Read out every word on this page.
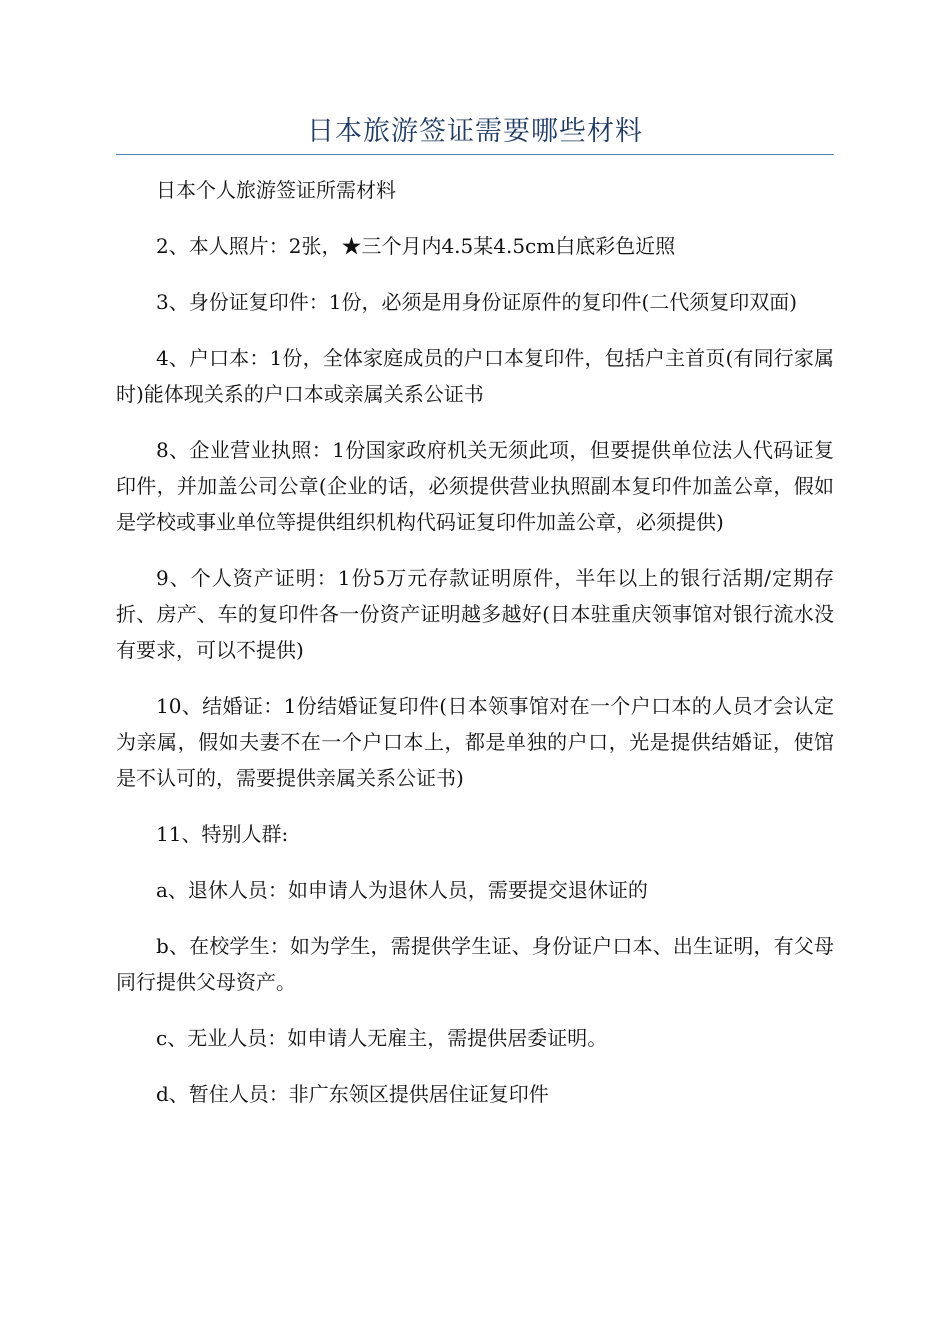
日本旅游签证需要哪些材料

日本个人旅游签证所需材料

2、本人照片：2张，★三个月内4.5某4.5cm白底彩色近照

3、身份证复印件：1份，必须是用身份证原件的复印件(二代须复印双面)

4、户口本：1份，全体家庭成员的户口本复印件，包括户主首页(有同行家属时)能体现关系的户口本或亲属关系公证书

8、企业营业执照：1份国家政府机关无须此项，但要提供单位法人代码证复印件，并加盖公司公章(企业的话，必须提供营业执照副本复印件加盖公章，假如是学校或事业单位等提供组织机构代码证复印件加盖公章，必须提供)

9、个人资产证明：1份5万元存款证明原件，半年以上的银行活期/定期存折、房产、车的复印件各一份资产证明越多越好(日本驻重庆领事馆对银行流水没有要求，可以不提供)

10、结婚证：1份结婚证复印件(日本领事馆对在一个户口本的人员才会认定为亲属，假如夫妻不在一个户口本上，都是单独的户口，光是提供结婚证，使馆是不认可的，需要提供亲属关系公证书)

11、特别人群:

a、退休人员：如申请人为退休人员，需要提交退休证的

b、在校学生：如为学生，需提供学生证、身份证户口本、出生证明，有父母同行提供父母资产。

c、无业人员：如申请人无雇主，需提供居委证明。

d、暂住人员：非广东领区提供居住证复印件
